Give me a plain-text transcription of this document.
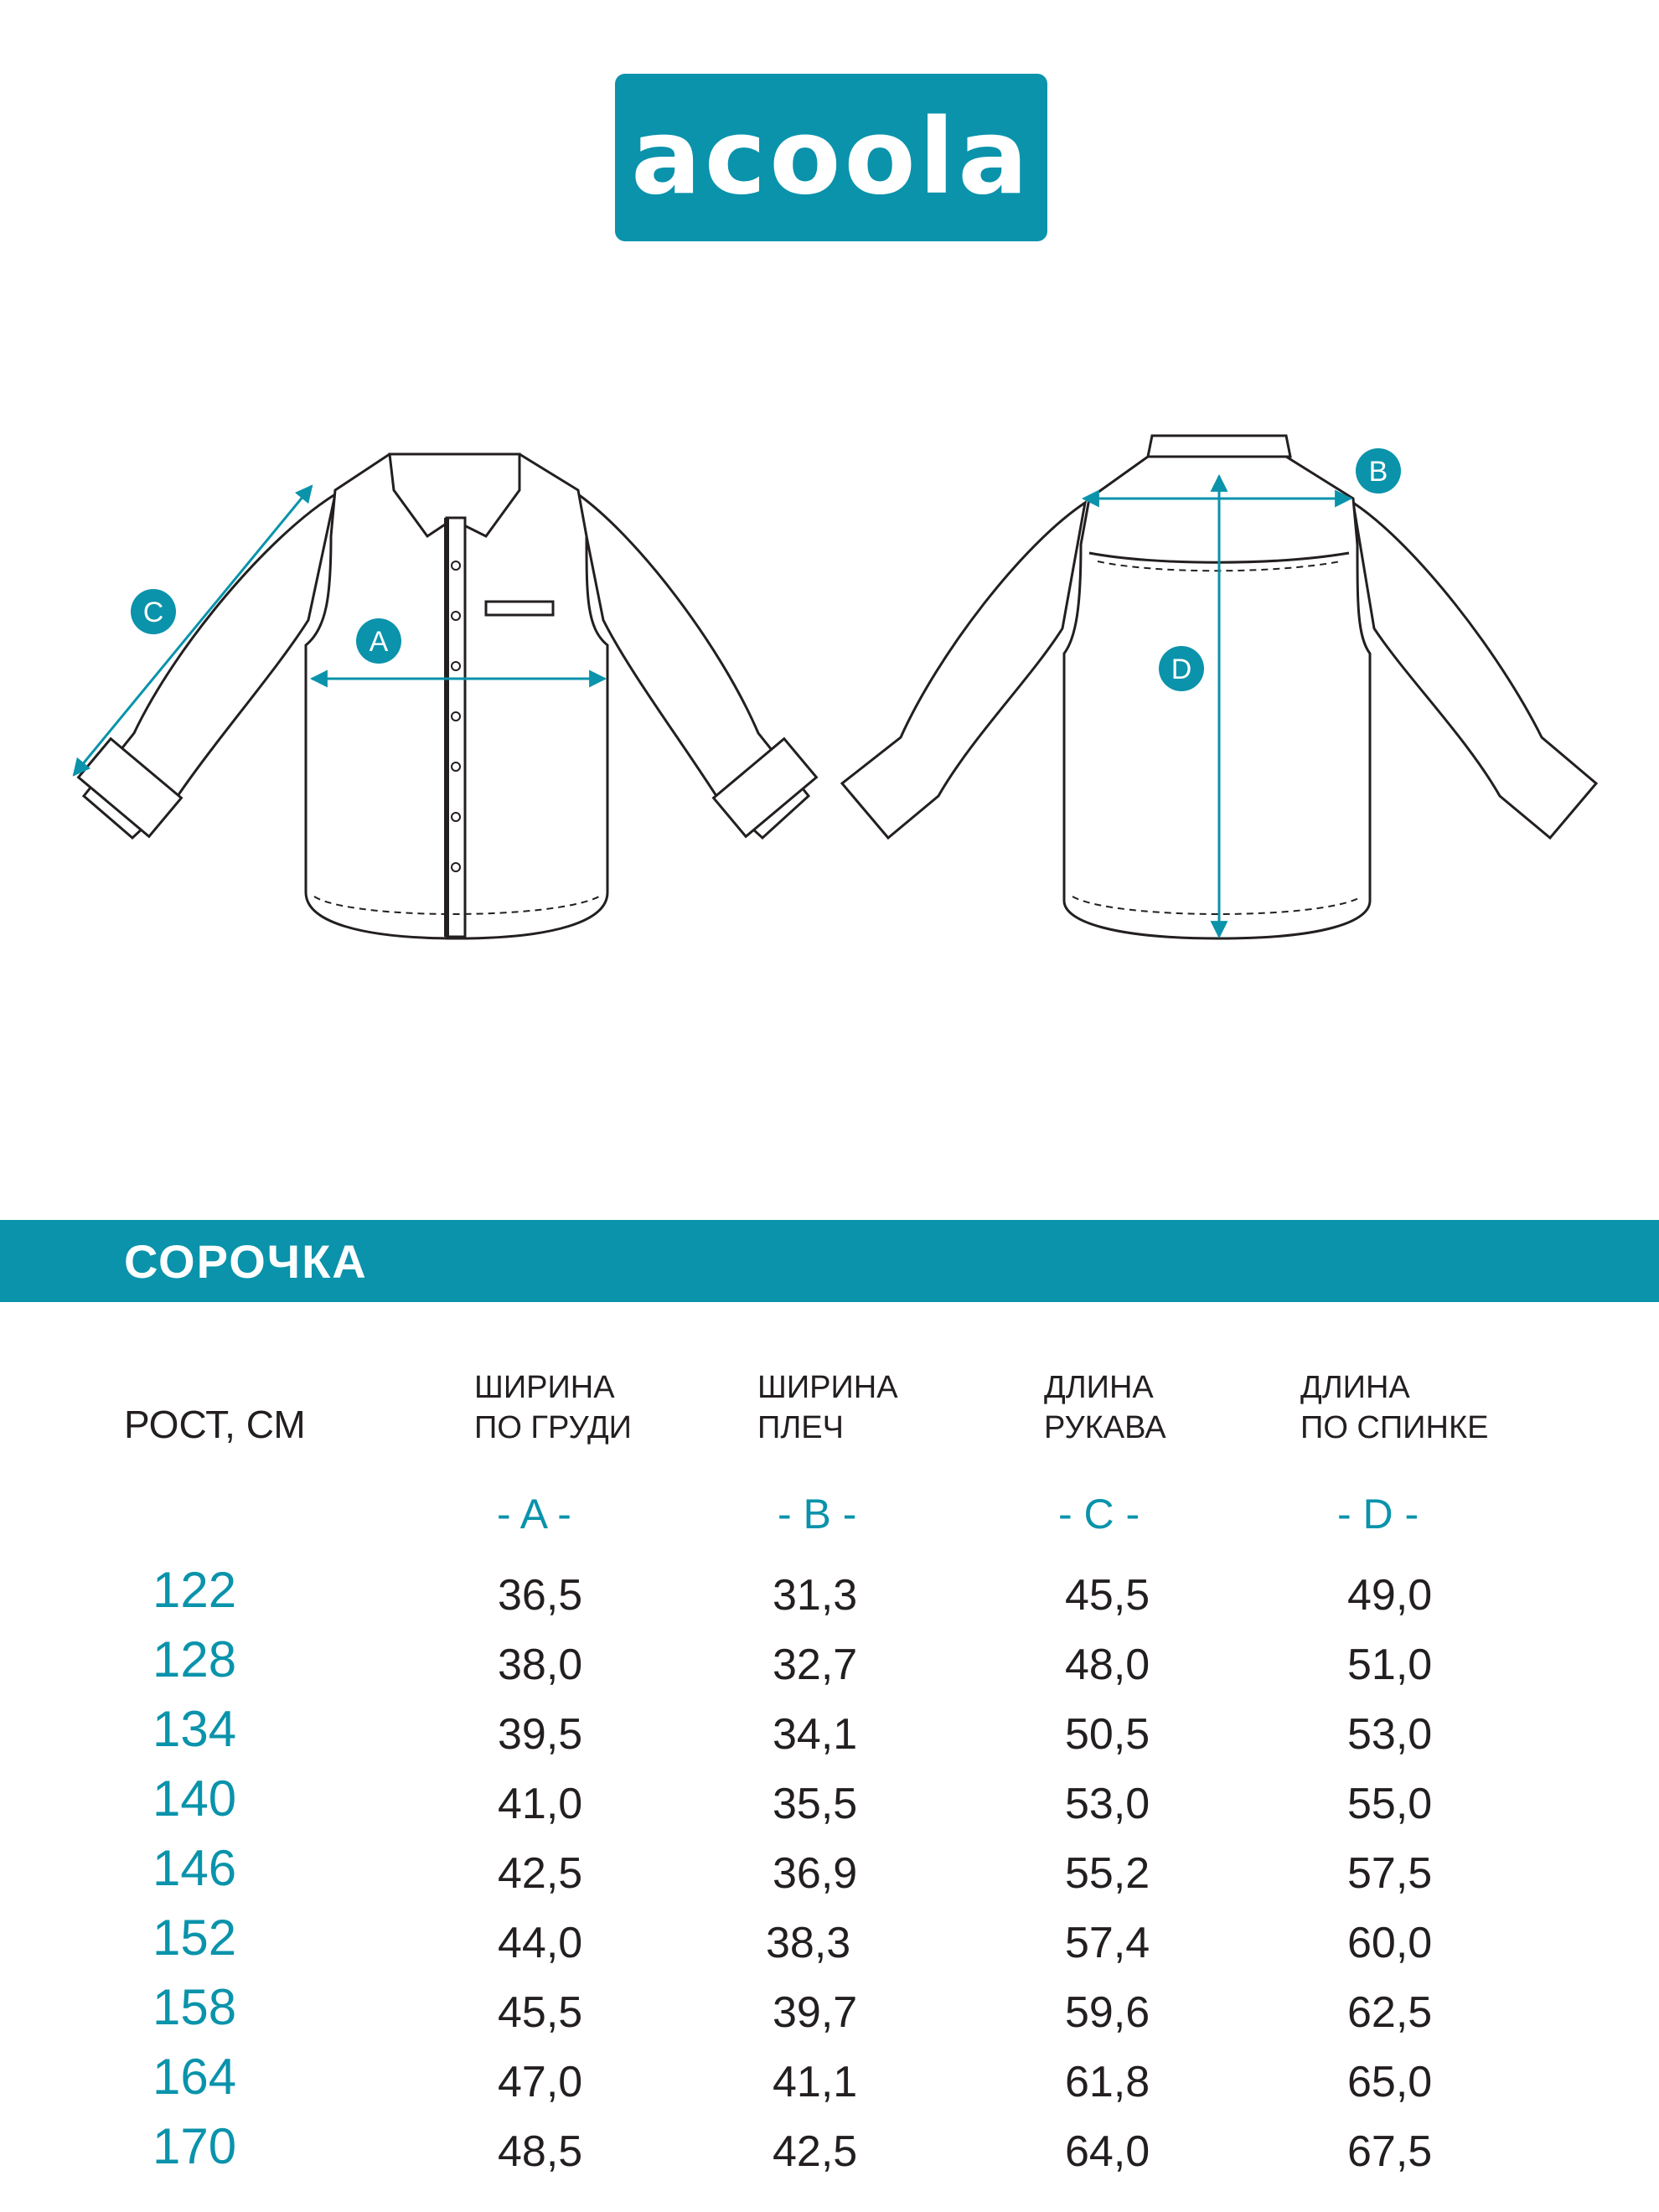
acoola
A
C
B
D
СОРОЧКА
РОСТ, СМ
ШИРИНА
ПО ГРУДИ
ШИРИНА
ПЛЕЧ
ДЛИНА
РУКАВА
ДЛИНА
ПО СПИНКЕ
- A -	- B -	- C -	- D -
122	36,5	31,3	45,5	49,0
128	38,0	32,7	48,0	51,0
134	39,5	34,1	50,5	53,0
140	41,0	35,5	53,0	55,0
146	42,5	36,9	55,2	57,5
152	44,0	38,3	57,4	60,0
158	45,5	39,7	59,6	62,5
164	47,0	41,1	61,8	65,0
170	48,5	42,5	64,0	67,5
